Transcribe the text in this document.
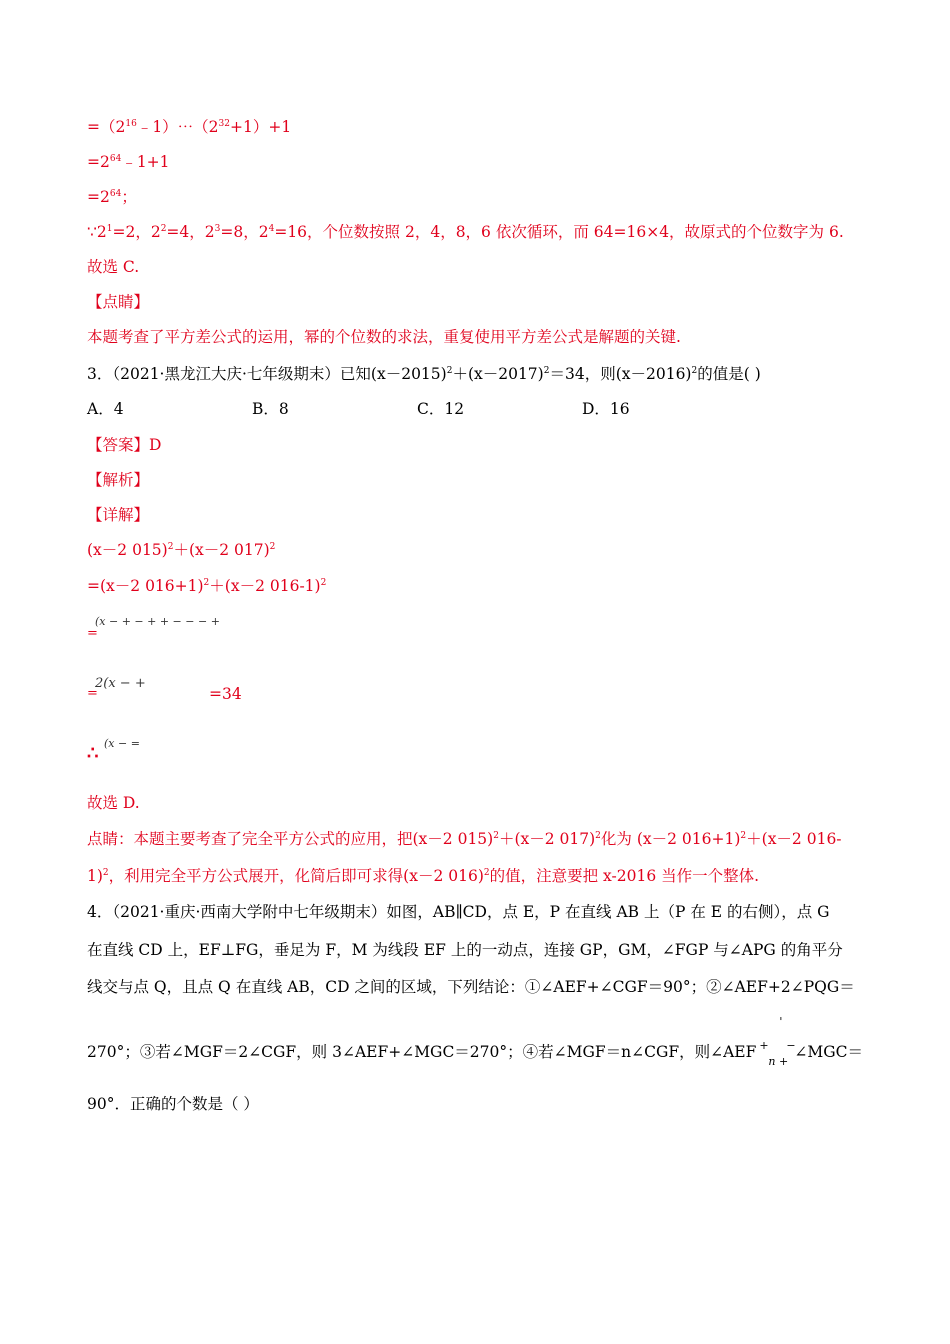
$=(2^{16}﹣1)\cdots(2^{32}+1)+1$
$=2^{64}﹣1+1$
$=2^{64}$；
$\because 2^1=2$，$2^2=4$，$2^3=8$，$2^4=16$，个位数按照 2，4，8，6 依次循环，而 64=16×4，故原式的个位数字为 6.
故选 C.
【点睛】
本题考查了平方差公式的运用，幂的个位数的求法，重复使用平方差公式是解题的关键.
3．（2021·黑龙江大庆·七年级期末）已知$(x-2015)^2+(x-2017)^2=34$，则$(x-2016)^2$的值是( )
A．4	B．8	C．12	D．16
【答案】D
【解析】
【详解】
(x－2 015)$^2$＋(x－2 017)$^2$
=(x－2 016+1)$^2$＋(x－2 016-1)$^2$
=
(x − + − + + − − − +
=
2(x − +
=34
∴ (x − =
故选 D.
点睛：本题主要考查了完全平方公式的应用，把(x－2 015)$^2$＋(x－2 017)$^2$化为 (x－2 016+1)$^2$＋(x－2 016-
1)$^2$，利用完全平方公式展开，化简后即可求得(x－2 016)$^2$的值，注意要把 x-2016 当作一个整体.
4．（2021·重庆·西南大学附中七年级期末）如图，AB∥CD，点 E，P 在直线 AB 上（P 在 E 的右侧），点 G
在直线 CD 上，EF⊥FG，垂足为 F，M 为线段 EF 上的一动点，连接 GP，GM，∠FGP 与∠APG 的角平分
线交与点 Q，且点 Q 在直线 AB，CD 之间的区域，下列结论：①∠AEF+∠CGF＝90°；②∠AEF+2∠PQG＝
270°；③若∠MGF＝2∠CGF，则 3∠AEF+∠MGC＝270°；④若∠MGF＝n∠CGF，则∠AEF +
'
n +
−
∠MGC＝
90°．正确的个数是（ ）
